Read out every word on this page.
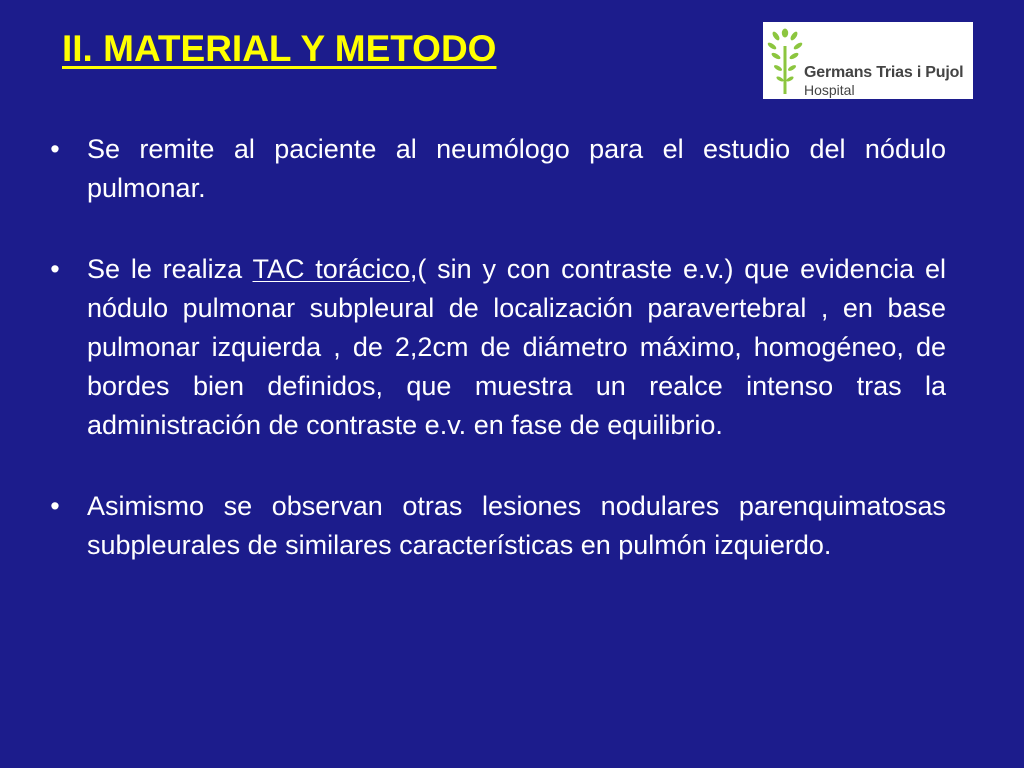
II. MATERIAL Y METODO
Germans Trias i Pujol
Hospital
•	Se remite al paciente al neumólogo para el estudio del nódulo pulmonar.
•	Se le realiza TAC torácico,( sin y con contraste e.v.) que evidencia el nódulo pulmonar subpleural de localización paravertebral , en base pulmonar izquierda , de 2,2cm de diámetro máximo, homogéneo, de bordes bien definidos, que muestra un realce intenso tras la administración de contraste e.v. en fase de equilibrio.
•	Asimismo se observan otras lesiones nodulares parenquimatosas subpleurales de similares características en pulmón izquierdo.
